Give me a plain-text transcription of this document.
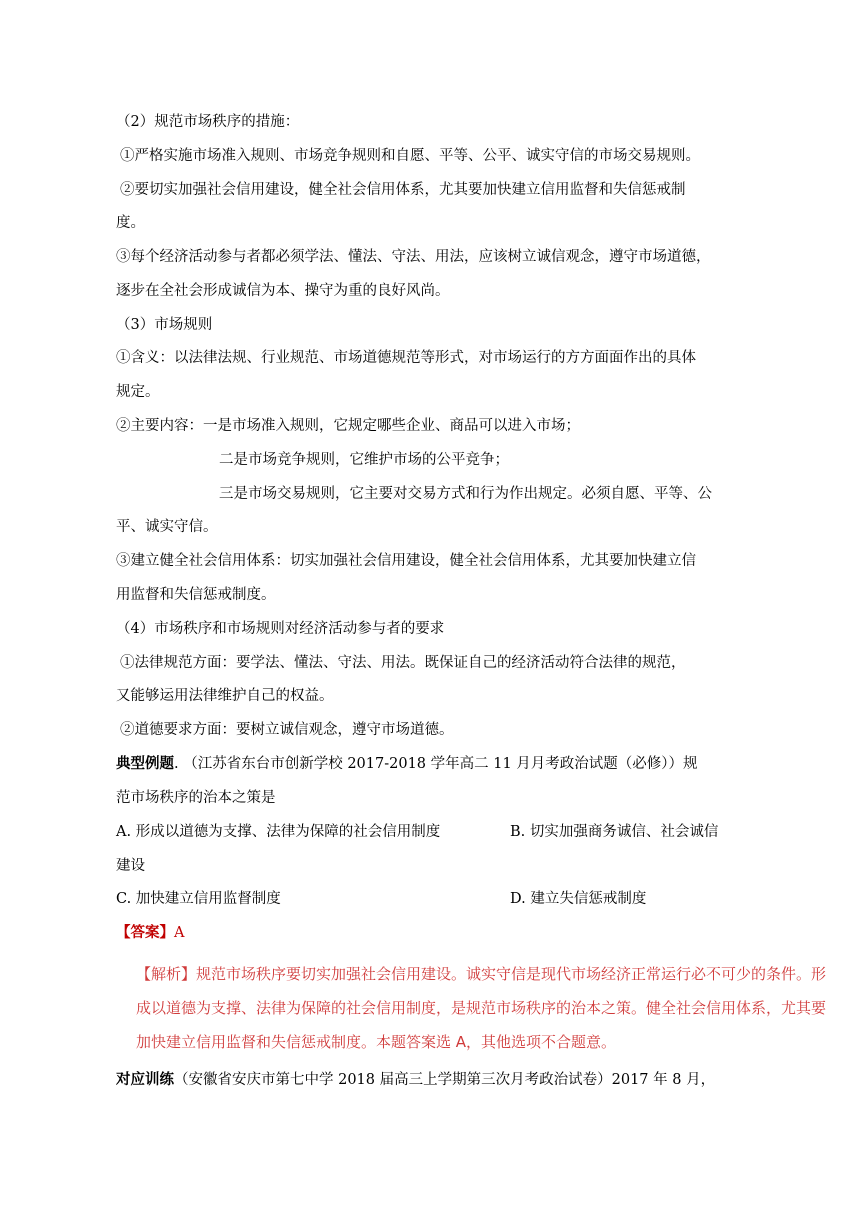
（2）规范市场秩序的措施：
①严格实施市场准入规则、市场竞争规则和自愿、平等、公平、诚实守信的市场交易规则。
②要切实加强社会信用建设，健全社会信用体系，尤其要加快建立信用监督和失信惩戒制
度。
③每个经济活动参与者都必须学法、懂法、守法、用法，应该树立诚信观念，遵守市场道德，
逐步在全社会形成诚信为本、操守为重的良好风尚。
（3）市场规则
①含义：以法律法规、行业规范、市场道德规范等形式，对市场运行的方方面面作出的具体
规定。
②主要内容：一是市场准入规则，它规定哪些企业、商品可以进入市场；
二是市场竞争规则，它维护市场的公平竞争；
三是市场交易规则，它主要对交易方式和行为作出规定。必须自愿、平等、公
平、诚实守信。
③建立健全社会信用体系：切实加强社会信用建设，健全社会信用体系，尤其要加快建立信
用监督和失信惩戒制度。
（4）市场秩序和市场规则对经济活动参与者的要求
①法律规范方面：要学法、懂法、守法、用法。既保证自己的经济活动符合法律的规范，
又能够运用法律维护自己的权益。
②道德要求方面：要树立诚信观念，遵守市场道德。
典型例题. （江苏省东台市创新学校 2017-2018 学年高二 11 月月考政治试题（必修））规
范市场秩序的治本之策是
A. 形成以道德为支撑、法律为保障的社会信用制度	B. 切实加强商务诚信、社会诚信
建设
C. 加快建立信用监督制度	D. 建立失信惩戒制度
【答案】A
【解析】规范市场秩序要切实加强社会信用建设。诚实守信是现代市场经济正常运行必不可少的条件。形
成以道德为支撑、法律为保障的社会信用制度，是规范市场秩序的治本之策。健全社会信用体系，尤其要
加快建立信用监督和失信惩戒制度。本题答案选 A，其他选项不合题意。
对应训练（安徽省安庆市第七中学 2018 届高三上学期第三次月考政治试卷）2017 年 8 月，
